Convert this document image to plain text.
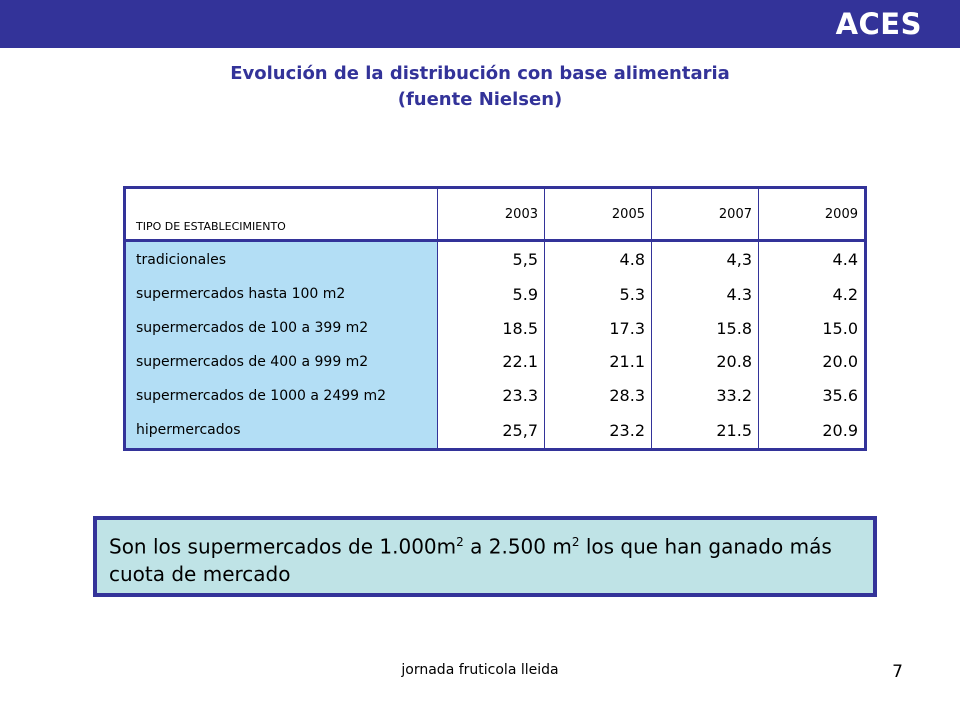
ACES
Evolución de la distribución con base alimentaria
(fuente Nielsen)
TIPO DE ESTABLECIMIENTO	2003	2005	2007	2009
tradicionales	5,5	4.8	4,3	4.4
supermercados hasta 100 m2	5.9	5.3	4.3	4.2
supermercados de 100 a 399 m2	18.5	17.3	15.8	15.0
supermercados de 400 a 999 m2	22.1	21.1	20.8	20.0
supermercados de 1000 a 2499 m2	23.3	28.3	33.2	35.6
hipermercados	25,7	23.2	21.5	20.9
Son los supermercados de $1.000m^2$ a 2.500 $m^2$ los que han ganado más cuota de mercado
jornada fruticola lleida	7
